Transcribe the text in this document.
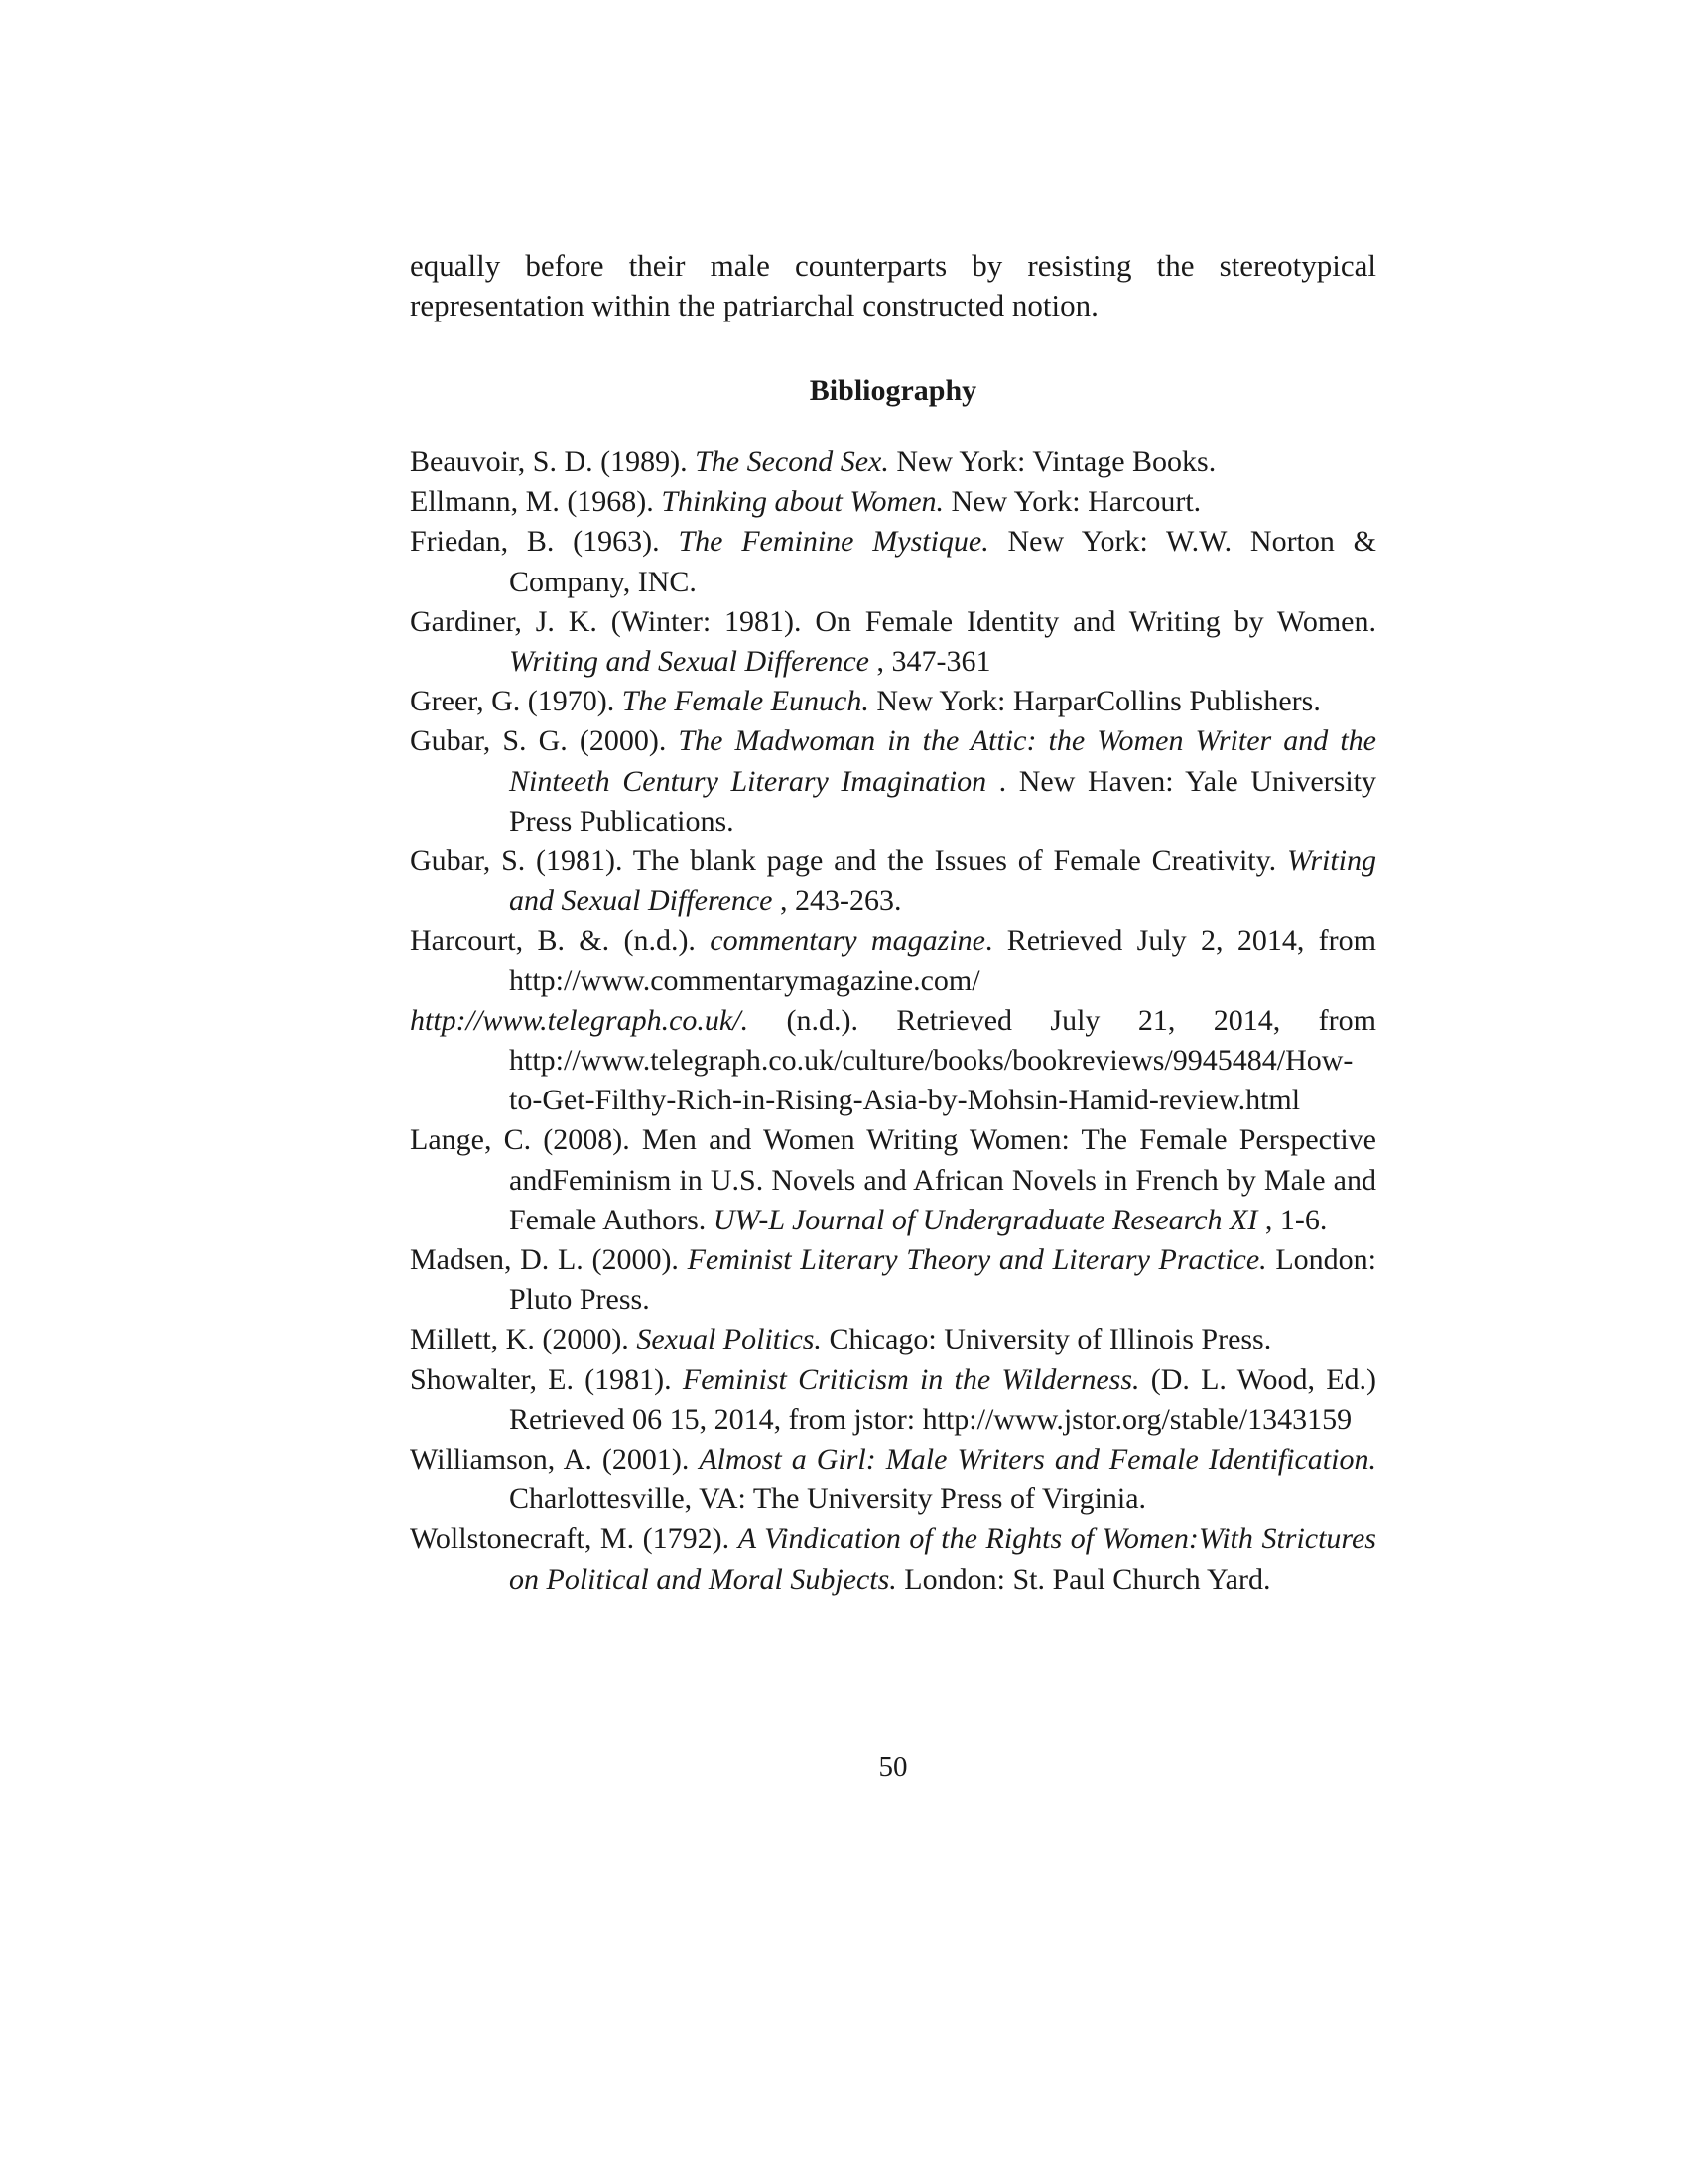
equally before their male counterparts by resisting the stereotypical representation within the patriarchal constructed notion.
Bibliography

Beauvoir, S. D. (1989). The Second Sex. New York: Vintage Books.

Ellmann, M. (1968). Thinking about Women. New York: Harcourt.

Friedan, B. (1963). The Feminine Mystique. New York: W.W. Norton & Company, INC.

Gardiner, J. K. (Winter: 1981). On Female Identity and Writing by Women. Writing and Sexual Difference , 347-361

Greer, G. (1970). The Female Eunuch. New York: HarparCollins Publishers.

Gubar, S. G. (2000). The Madwoman in the Attic: the Women Writer and the Ninteeth Century Literary Imagination . New Haven: Yale University Press Publications.

Gubar, S. (1981). The blank page and the Issues of Female Creativity. Writing and Sexual Difference , 243-263.

Harcourt, B. &. (n.d.). commentary magazine. Retrieved July 2, 2014, from http://www.commentarymagazine.com/

http://www.telegraph.co.uk/. (n.d.). Retrieved July 21, 2014, from http://www.telegraph.co.uk/culture/books/bookreviews/9945484/How-to-Get-Filthy-Rich-in-Rising-Asia-by-Mohsin-Hamid-review.html

Lange, C. (2008). Men and Women Writing Women: The Female Perspective andFeminism in U.S. Novels and African Novels in French by Male and Female Authors. UW-L Journal of Undergraduate Research XI , 1-6.

Madsen, D. L. (2000). Feminist Literary Theory and Literary Practice. London: Pluto Press.

Millett, K. (2000). Sexual Politics. Chicago: University of Illinois Press.

Showalter, E. (1981). Feminist Criticism in the Wilderness. (D. L. Wood, Ed.) Retrieved 06 15, 2014, from jstor: http://www.jstor.org/stable/1343159

Williamson, A. (2001). Almost a Girl: Male Writers and Female Identification. Charlottesville, VA: The University Press of Virginia.

Wollstonecraft, M. (1792). A Vindication of the Rights of Women:With Strictures on Political and Moral Subjects. London: St. Paul Church Yard.

50
